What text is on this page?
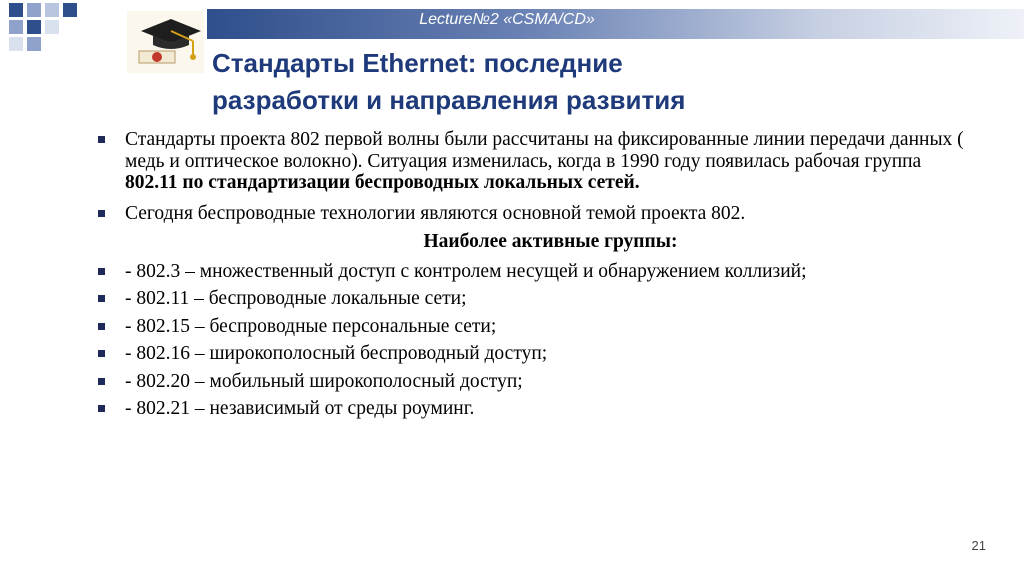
Lecture№2 «CSMA/CD»
Стандарты Ethernet: последние
разработки и направления развития
Стандарты проекта 802 первой волны были рассчитаны на фиксированные линии передачи данных ( медь и оптическое волокно). Ситуация изменилась, когда в 1990 году появилась рабочая группа 802.11 по стандартизации беспроводных локальных сетей.
Сегодня беспроводные технологии являются основной темой проекта 802.
Наиболее активные группы:
- 802.3 – множественный доступ с контролем несущей и обнаружением коллизий;
- 802.11 – беспроводные локальные сети;
- 802.15 – беспроводные персональные сети;
- 802.16 – широкополосный беспроводный доступ;
- 802.20 – мобильный широкополосный доступ;
- 802.21 – независимый от среды роуминг.
21
